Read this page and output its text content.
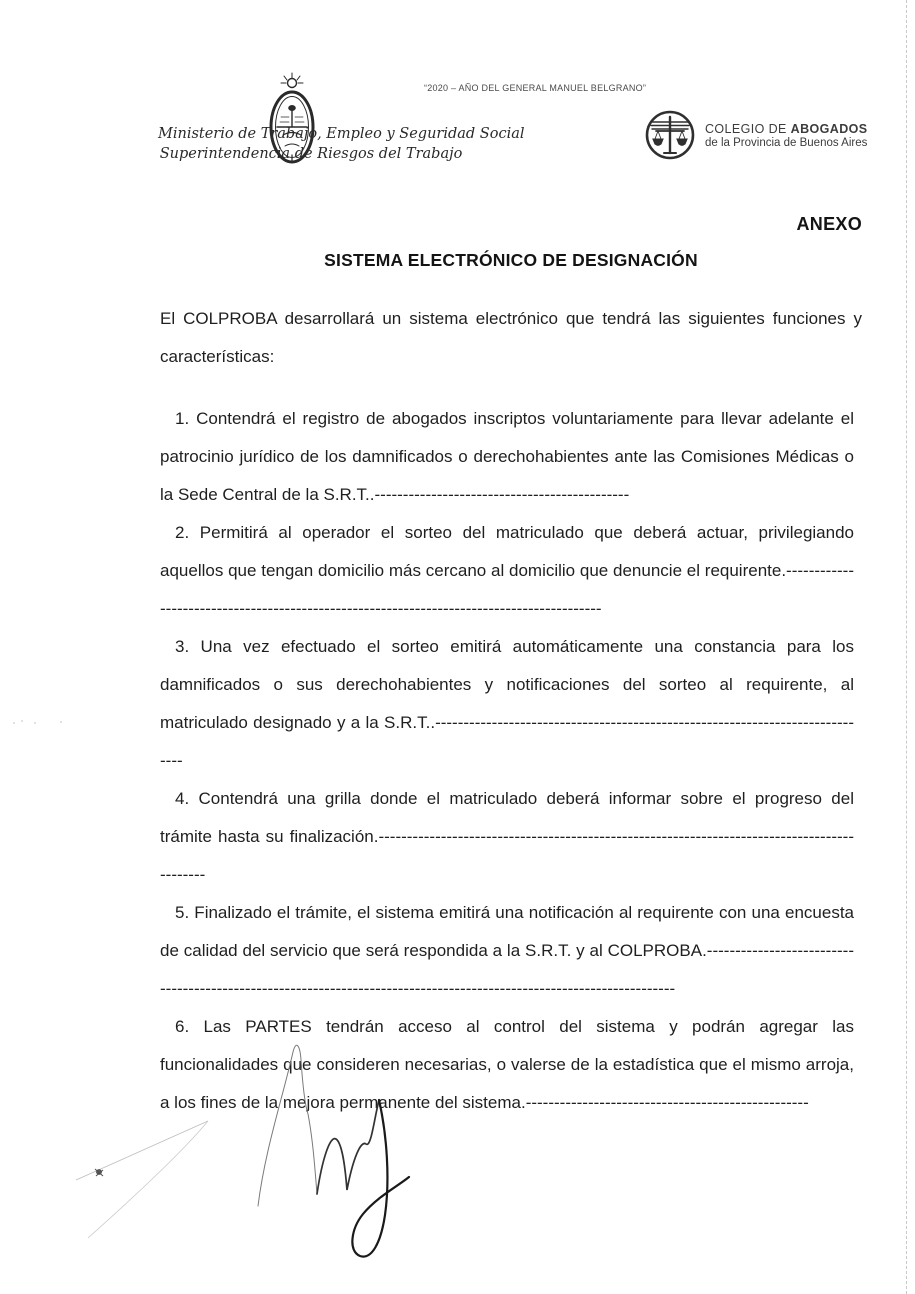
“2020 – AÑO DEL GENERAL MANUEL BELGRANO”
Ministerio de Trabajo, Empleo y Seguridad Social
Superintendencia de Riesgos del Trabajo
COLEGIO DE ABOGADOS
de la Provincia de Buenos Aires
ANEXO
SISTEMA ELECTRÓNICO DE DESIGNACIÓN

El COLPROBA desarrollará un sistema electrónico que tendrá las siguientes funciones y características:

1. Contendrá el registro de abogados inscriptos voluntariamente para llevar adelante el patrocinio jurídico de los damnificados o derechohabientes ante las Comisiones Médicas o la Sede Central de la S.R.T..---------------------------------------------

2. Permitirá al operador el sorteo del matriculado que deberá actuar, privilegiando aquellos que tengan domicilio más cercano al domicilio que denuncie el requirente.------------------------------------------------------------------------------------------

3. Una vez efectuado el sorteo emitirá automáticamente una constancia para los damnificados o sus derechohabientes y notificaciones del sorteo al requirente, al matriculado designado y a la S.R.T..------------------------------------------------------------------------------

4. Contendrá una grilla donde el matriculado deberá informar sobre el progreso del trámite hasta su finalización.--------------------------------------------------------------------------------------------

5. Finalizado el trámite, el sistema emitirá una notificación al requirente con una encuesta de calidad del servicio que será respondida a la S.R.T. y al COLPROBA.---------------------------------------------------------------------------------------------------------------------

6. Las PARTES tendrán acceso al control del sistema y podrán agregar las funcionalidades que consideren necesarias, o valerse de la estadística que el mismo arroja, a los fines de la mejora permanente del sistema.--------------------------------------------------
